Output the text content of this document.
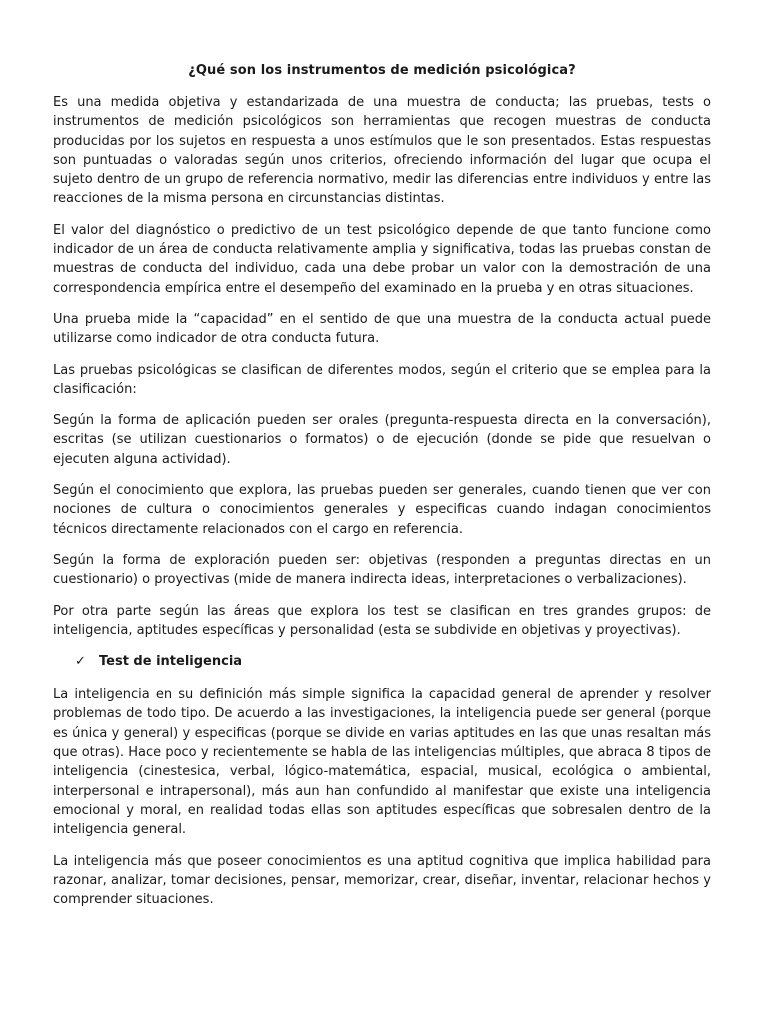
¿Qué son los instrumentos de medición psicológica?

Es una medida objetiva y estandarizada de una muestra de conducta; las pruebas, tests o instrumentos de medición psicológicos son herramientas que recogen muestras de conducta producidas por los sujetos en respuesta a unos estímulos que le son presentados. Estas respuestas son puntuadas o valoradas según unos criterios, ofreciendo información del lugar que ocupa el sujeto dentro de un grupo de referencia normativo, medir las diferencias entre individuos y entre las reacciones de la misma persona en circunstancias distintas.

El valor del diagnóstico o predictivo de un test psicológico depende de que tanto funcione como indicador de un área de conducta relativamente amplia y significativa, todas las pruebas constan de muestras de conducta del individuo, cada una debe probar un valor con la demostración de una correspondencia empírica entre el desempeño del examinado en la prueba y en otras situaciones.

Una prueba mide la “capacidad” en el sentido de que una muestra de la conducta actual puede utilizarse como indicador de otra conducta futura.

Las pruebas psicológicas se clasifican de diferentes modos, según el criterio que se emplea para la clasificación:

Según la forma de aplicación pueden ser orales (pregunta-respuesta directa en la conversación), escritas (se utilizan cuestionarios o formatos) o de ejecución (donde se pide que resuelvan o ejecuten alguna actividad).

Según el conocimiento que explora, las pruebas pueden ser generales, cuando tienen que ver con nociones de cultura o conocimientos generales y especificas cuando indagan conocimientos técnicos directamente relacionados con el cargo en referencia.

Según la forma de exploración pueden ser: objetivas (responden a preguntas directas en un cuestionario) o proyectivas (mide de manera indirecta ideas, interpretaciones o verbalizaciones).

Por otra parte según las áreas que explora los test se clasifican en tres grandes grupos: de inteligencia, aptitudes específicas y personalidad (esta se subdivide en objetivas y proyectivas).

✓	Test de inteligencia

La inteligencia en su definición más simple significa la capacidad general de aprender y resolver problemas de todo tipo. De acuerdo a las investigaciones, la inteligencia puede ser general (porque es única y general) y especificas (porque se divide en varias aptitudes en las que unas resaltan más que otras). Hace poco y recientemente se habla de las inteligencias múltiples, que abraca 8 tipos de inteligencia (cinestesica, verbal, lógico-matemática, espacial, musical, ecológica o ambiental, interpersonal e intrapersonal), más aun han confundido al manifestar que existe una inteligencia emocional y moral, en realidad todas ellas son aptitudes específicas que sobresalen dentro de la inteligencia general.

La inteligencia más que poseer conocimientos es una aptitud cognitiva que implica habilidad para razonar, analizar, tomar decisiones, pensar, memorizar, crear, diseñar, inventar, relacionar hechos y comprender situaciones.
